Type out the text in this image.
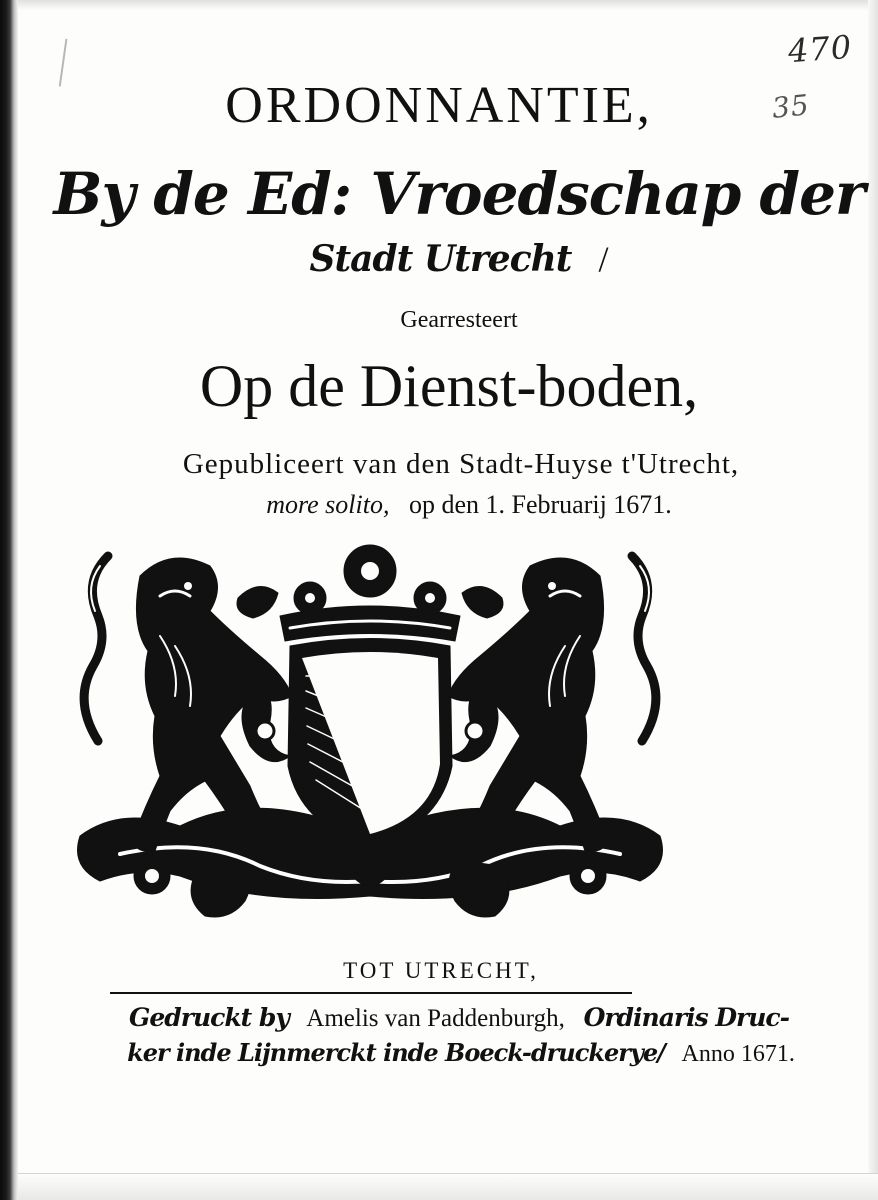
470
35
ORDONNANTIE,
By de Ed: Vroedschap der
Stadt Utrecht /
Gearresteert
Op de Dienst-boden,
Gepubliceert van den Stadt-Huyse t'Utrecht,
more solito, op den 1. Februarij 1671.
TOT UTRECHT,
Gedruckt by Amelis van Paddenburgh, Ordinaris Druc-
ker inde Lijnmerckt inde Boeck-druckerye/ Anno 1671.
